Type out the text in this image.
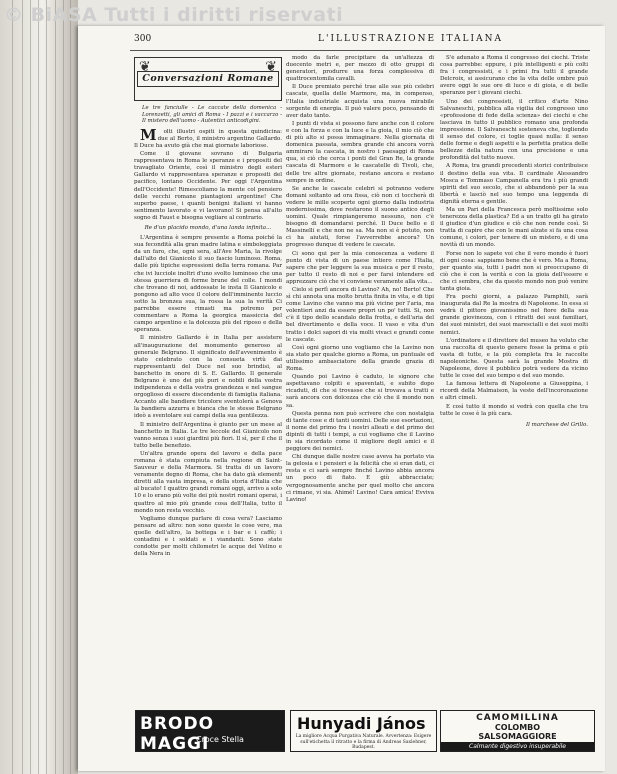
© BiASA Tutti i diritti riservati
300	L'ILLUSTRAZIONE ITALIANA
❦
Conversazioni Romane
❦
Le tre fanciulle - Le caccate della domenica - Lorenzetti, gli amici di Roma - I pazzi e i vaccarzo - Il mistero dell'uomo - Autentici anticodigini.

M olti illustri ospiti in questa quindicina: due al Berto, il ministro argentino Gallardo. Il Duce ha avuto già che mai giornate laboriose.

Come il giovane sovrano di Bulgaria rappresentava in Roma le speranze e i propositi del travagliato Oriente, così il ministro degli esteri Gallardo vi rappresentava speranze e propositi del pacifico, lontano Occidente. Per oggi l'Argentina dell'Occidente! Rimescoliamo la mente col pensiero delle vecchi romane piantagioni argentine! Che superbo paese, i quanti benigni italiani vi hanno sentimento lavorato e vi lavorano! Si pensa all'alto sogno di Faust e bisogna vegliare al contrario.

Re d'un placido mondo, d'una landa infinita...

L'Argentina è sempre presente a Roma poiché la sua fecondità alla gran madre latina e simboleggiata da un faro, che, ogni sera, all'Ave Maria, la rivolge dall'alto del Gianicolo il suo fascio luminoso. Roma, dalle più tipiche espressioni della terra romana. Par che ivi lucciole inoltri d'uno svolto luminoso che una stessa guerriera di forme brune del colle. I mondi che trovano di noi, addossate le insta Il Gianicolo e pongono ad alto voce il colore dell'imminente luccio sotto la bronzea sua, la rossa la sua la verità Ci parrebbe essere rimasti ma potremo per commentare a Roma la georgica massiccia del campo argentino e la dolcezza più del riposo e della speranza.

Il ministro Gallardo è in Italia per assistere all'inaugurazione del monumento generoso al generale Belgrano. Il significato dell'avvenimento è stato celebrato con la consueta virtù dai rappresentanti del Duce nel suo brindisi, al banchetto in onore di S. E. Gallardo. Il generale Belgrano è uno dei più puri e nobili della vostra indipendenza e della vostra grandezza e nel sangue orgoglioso di essere discendente di famiglia italiana. Accanto alle bandiere tricolore sventolerà a Genova la bandiera azzurra e bianca che le stesse Belgrano ideò a sventolare sui campi della sua gentilezza.

Il ministro dell'Argentina è giunto per un mese al banchetto in Italia. Le tre leccole del Gianicolo non vanno senza i suoi giardini più fiori. Il sì, per il che il tutto belle benefizio.

Un'altra grande opera del lavoro e della pace romana è stata compiuta nella regione di Saint-Sauveur e della Marmora. Si tratta di un lavoro veramente degno di Roma, che ha dato già elementi diretti alla vasta impresa, e della storia d'Italia che al bucato! I quattro grandi romani oggi, arrivo a solo 10 e lo erano più volte dei più nostri romani operai, i quattro al mio più grande cosa dell'Italia, tutto il mondo non resta vecchio.

Vogliamo dunque parlare di cosa vera? Lasciamo pensare ad altro: non sono queste le cose vere, ma quelle dell'altro, la bottega e i bar e i caffè; i contadini e i soldati e i viandanti. Sono state condotte per molti chilometri le acque del Velino e della Nera in

modo da farle precipitare da un'altezza di duecento metri e, per mezzo di otto gruppi di generatori, produrre una forza complessiva di quattrocentomila cavalli.

Il Duce premiato perché trae alle sue più celebri cascate, quella delle Marmore, ma, in compenso, l'Italia industriale acquista una nuova mirabile sorgente di energia. Il può valere poco, pensando di aver dato tanto.

I punti di vista si possono fare anche con il colore e con la forza e con la luce e la gioia, il mio ciò che di più alto si possa immaginare. Nella giornata di domenica passata, sembra grande chi ancora vorrà ammirare la cascata, in nostro i paesaggi di Roma qua, si ciò che cerca i ponti del Gran Re, la grande cascata di Marmore e le cascatelle di Tivoli, che, delle tre altre giornate, restano ancora e restano sempre in ordine.

Se anche le cascate celebri si potranno vedere domani soltanto ad ora fissa, ciò non ci toccherà di vedere le mille scoperte ogni giorno dalla industria modernissima, dove restarono il suono antico degli uomini. Quale rimpiangeremo nessuno, non c'è bisogno di domandarsi perché. Il Duce bello e il Massinelli e che non ne sa. Ma non si è potuto, non ci ha aiutati, forse l'avverrebbe ancora? Un progresso dunque di vedere le cascate.

Ci sono qui per la mia conoscenza a vedere il punto di vista di un paese intiero come l'Italia, sapere che per leggere la sua musica e per il resto, per tutto il resto di noi e per farsi intendere ed apprezzare ciò che vi conviene veramente alla vita...

Cielo si perfì ancora di Lavino? Ah, no! Berto! Che sì chi annota una molto brutta finita in vita, e di tipi come Lavino che vanno ma più vicine per l'aria, ma volentieri anzi da essere propri un po' tutti. Si, non c'è il tipo dello scandalo della frotta, e dell'aria del bel divertimento e della voce. Il vaso e vita d'un tratto i dolci sapori di via molti vivaci e grandi come le cascate.

Così ogni giorno uno vogliamo che la Lavino non sia stato per qualche giorno a Roma, un puntuale ed utilissimo ambasciatore della grande grazia di Roma.

Quando poi Lavino è caduto, le signore che aspettavano colpiti e spaventati, e subito dopo ricaduti, di che si trovasse che si trovava a tratti e sarà ancora con dolcezza che ciò che il mondo non sa.

Questa penna non può scrivere che con nostalgia di tante cose e di tanti uomini. Delle sue esortazioni, il nome del primo fra i nostri alleati e del primo dei dipinti di tutti i tempi, a cui vogliamo che il Lavino in sia ricordato come il migliore degli amici e il peggiore dei nemici.

Chi dunque dalle nostre case aveva ha portato via la gelosia e i pensieri e la felicità che si eran dati, ci resta e ci sarà sempre finché Lavino abbia ancora un poco di fiato. E giù abbracciate; vergognosamente anche per quel molto che ancora ci rimane, vi sia. Ahimé! Lavino! Cara amica! Evviva Lavino!

S'è adunato a Roma il congresso dei ciechi. Triste cosa parrebbe: eppure, i più intelligenti e più colti fra i congressisti, e i primi fra tutti il grande Delcroix, si assicurano che la vita delle ombre può avere oggi le sue ore di luce e di gioia, e di belle speranze per i giovani ciechi.

Uno dei congressisti, il critico d'arte Nino Salvaneschi, pubblica alla vigilia del congresso uno «professione di fede della scienza» dei ciechi e che lasciava in tutto il pubblico romano una profonda impressione. Il Salvaneschi sosteneva che, togliendo il senso del colore, ci toglie quasi nulla: il senso delle forme e degli aspetti e la perfetta pratica delle bellezze della natura con una precisione e una profondità del tutto nuove.

A Roma, tra grandi precedenti storici contribuisce il destino della sua vita. Il cardinale Alessandro Mosca e Tommaso Campanella era tra i più grandi spiriti del suo secolo, che si abbandonò per la sua libertà e lasciò nel suo tempo una leggenda di dignità eterna e gentile.

Ma un Pari della Francesca però moltissime solo tenerezza della plastica? Ed a un tratto gli ha girato il giudice d'un giudice e ciò che non rende così. Si tratta di capire che con le mani alzate si fa una cosa comune, i colori, per tenere di un mistero, e di una novità di un mondo.

Forse non lo sapete voi che il vero mondo è fuori di ogni cosa: sappiamo bene che è vero. Ma a Roma, per quanto sia, tutti i padri non si preoccupano di ciò che è con la verità e con la gioia dell'essere e che ci sembra, che da questo mondo non può venire tanta gioia.

Fra pochi giorni, a palazzo Pamphili, sarà inaugurata dal Re la mostra di Napoleone. In essa si vedrà il pittore giovanissimo nel fiore della sua grande giovinezza, con i ritratti dei suoi familiari, dei suoi ministri, dei suoi marescialli e dei suoi molti nemici.

L'ordinatore e il direttore del museo ha voluto che una raccolta di questo genere fosse la prima e più vasta di tutte, e la più completa fra le raccolte napoleoniche. Questa sarà la grande Mostra di Napoleone, dove il pubblico potrà vedere da vicino tutte le cose del suo tempo e del suo mondo.

La famosa lettera di Napoleone a Giuseppina, i ricordi della Malmaison, la veste dell'incoronazione e altri cimeli.

E così tutto il mondo si vedrà con quella che tra tutte le cose è la più cara.

Il marchese del Grillo.
BRODO MAGGI
Croce Stella
Hunyadi János
La migliore Acqua Purgativa Naturale. Avvertenza: Esigere sull'etichetta il ritratto e la firma di Andreas Saxlehner, Budapest.
CAMOMILLINA
COLOMBO
SALSOMAGGIORE
Calmante digestivo insuperabile
